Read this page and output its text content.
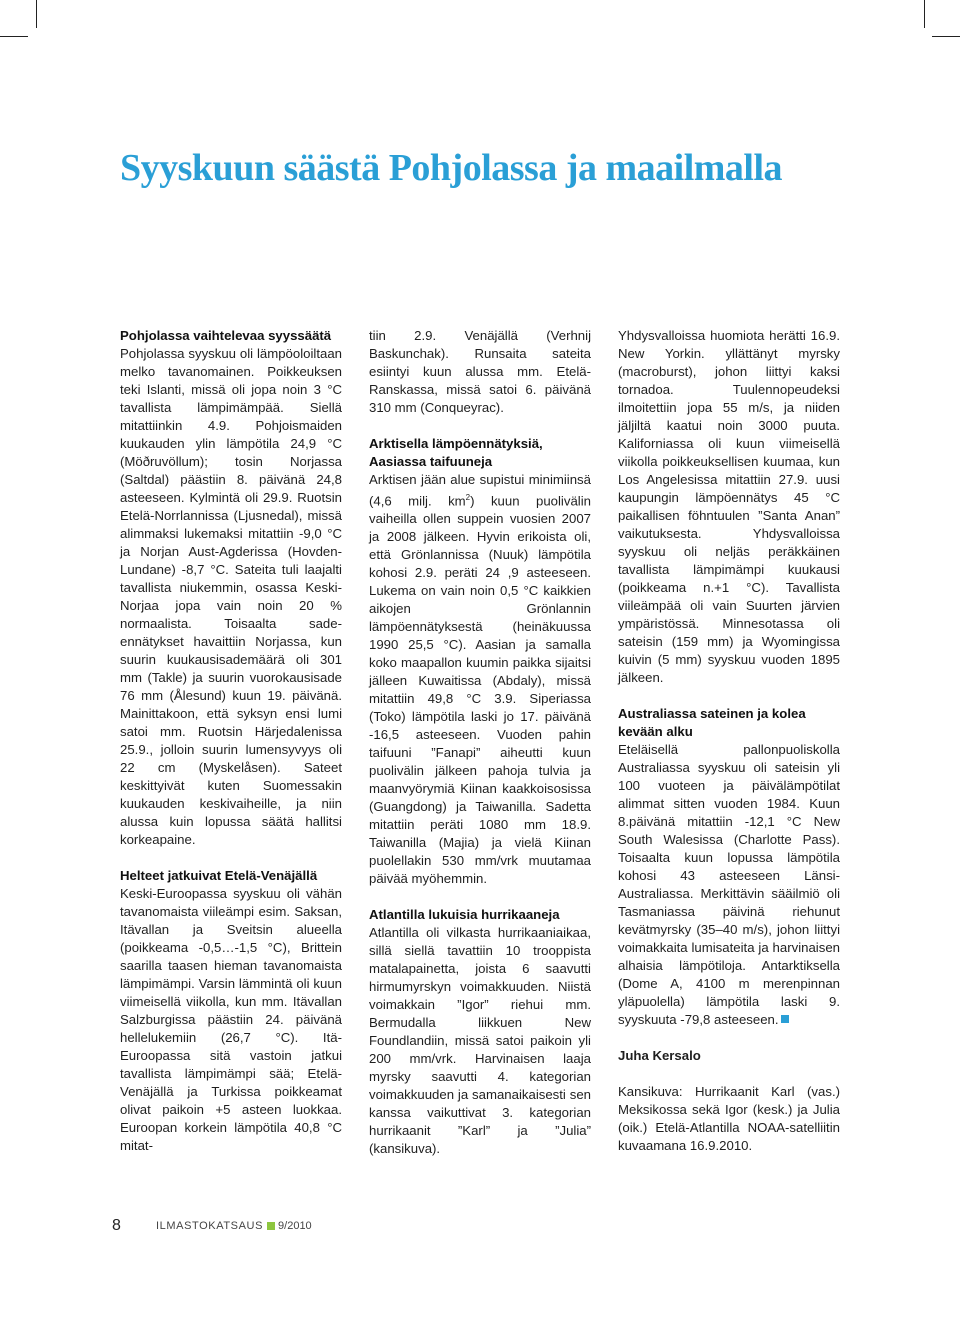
Syyskuun säästä Pohjolassa ja maailmalla
Pohjolassa vaihtelevaa syyssäätä

Pohjolassa syyskuu oli lämpöoloiltaan melko tavanomainen. Poikkeuksen teki Islanti, missä oli jopa noin 3 °C tavallista lämpimämpää. Siellä mitattiinkin 4.9. Pohjoismaiden kuukauden ylin lämpötila 24,9 °C (Möðruvöllum); tosin Norjassa (Saltdal) päästiin 8. päivänä 24,8 asteeseen. Kylmintä oli 29.9. Ruotsin Etelä-Norrlannissa (Ljusnedal), missä alimmaksi lukemaksi mitattiin -9,0 °C ja Norjan Aust-Agderissa (Hovden-Lundane) -8,7 °C. Sateita tuli laajalti tavallista niukemmin, osassa Keski-Norjaa jopa vain noin 20 % normaalista. Toisaalta sade-ennätykset havaittiin Norjassa, kun suurin kuukausisademäärä oli 301 mm (Takle) ja suurin vuorokausisade 76 mm (Ålesund) kuun 19. päivänä. Mainittakoon, että syksyn ensi lumi satoi mm. Ruotsin Härjedalenissa 25.9., jolloin suurin lumensyvyys oli 22 cm (Myskelåsen). Sateet keskittyivät kuten Suomessakin kuukauden keskivaiheille, ja niin alussa kuin lopussa säätä hallitsi korkeapaine.

Helteet jatkuivat Etelä-Venäjällä

Keski-Euroopassa syyskuu oli vähän tavanomaista viileämpi esim. Saksan, Itävallan ja Sveitsin alueella (poikkeama -0,5…-1,5 °C), Brittein saarilla taasen hieman tavanomaista lämpimämpi. Varsin lämmintä oli kuun viimeisellä viikolla, kun mm. Itävallan Salzburgissa päästiin 24. päivänä hellelukemiin (26,7 °C). Itä-Euroopassa sitä vastoin jatkui tavallista lämpimämpi sää; Etelä-Venäjällä ja Turkissa poikkeamat olivat paikoin +5 asteen luokkaa. Euroopan korkein lämpötila 40,8 °C mitat-

tiin 2.9. Venäjällä (Verhnij Baskunchak). Runsaita sateita esiintyi kuun alussa mm. Etelä-Ranskassa, missä satoi 6. päivänä 310 mm (Conqueyrac).

Arktisella lämpöennätyksiä, Aasiassa taifuuneja

Arktisen jään alue supistui minimiinsä (4,6 milj. $km^2$) kuun puolivälin vaiheilla ollen suppein vuosien 2007 ja 2008 jälkeen. Hyvin erikoista oli, että Grönlannissa (Nuuk) lämpötila kohosi 2.9. peräti 24 ,9 asteeseen. Lukema on vain noin 0,5 °C kaikkien aikojen Grönlannin lämpöennätyksestä (heinäkuussa 1990 25,5 °C). Aasian ja samalla koko maapallon kuumin paikka sijaitsi jälleen Kuwaitissa (Abdaly), missä mitattiin 49,8 °C 3.9. Siperiassa (Toko) lämpötila laski jo 17. päivänä -16,5 asteeseen. Vuoden pahin taifuuni ”Fanapi” aiheutti kuun puolivälin jälkeen pahoja tulvia ja maanvyörymiä Kiinan kaakkoisosissa (Guangdong) ja Taiwanilla. Sadetta mitattiin peräti 1080 mm 18.9. Taiwanilla (Majia) ja vielä Kiinan puolellakin 530 mm/vrk muutamaa päivää myöhemmin.

Atlantilla lukuisia hurrikaaneja

Atlantilla oli vilkasta hurrikaaniaikaa, sillä siellä tavattiin 10 trooppista matalapainetta, joista 6 saavutti hirmumyrskyn voimakkuuden. Niistä voimakkain ”Igor” riehui mm. Bermudalla liikkuen New Foundlandiin, missä satoi paikoin yli 200 mm/vrk. Harvinaisen laaja myrsky saavutti 4. kategorian voimakkuuden ja samanaikaisesti sen kanssa vaikuttivat 3. kategorian hurrikaanit ”Karl” ja ”Julia” (kansikuva).

Yhdysvalloissa huomiota herätti 16.9. New Yorkin. yllättänyt myrsky (macroburst), johon liittyi kaksi tornadoa. Tuulennopeudeksi ilmoitettiin jopa 55 m/s, ja niiden jäljiltä kaatui noin 3000 puuta. Kaliforniassa oli kuun viimeisellä viikolla poikkeuksellisen kuumaa, kun Los Angelesissa mitattiin 27.9. uusi kaupungin lämpöennätys 45 °C paikallisen föhntuulen ”Santa Anan” vaikutuksesta. Yhdysvalloissa syyskuu oli neljäs peräkkäinen tavallista lämpimämpi kuukausi (poikkeama n.+1 °C). Tavallista viileämpää oli vain Suurten järvien ympäristössä. Minnesotassa oli sateisin (159 mm) ja Wyomingissa kuivin (5 mm) syyskuu vuoden 1895 jälkeen.

Australiassa sateinen ja kolea kevään alku

Eteläisellä pallonpuoliskolla Australiassa syyskuu oli sateisin yli 100 vuoteen ja päivälämpötilat alimmat sitten vuoden 1984. Kuun 8.päivänä mitattiin -12,1 °C New South Walesissa (Charlotte Pass). Toisaalta kuun lopussa lämpötila kohosi 43 asteeseen Länsi-Australiassa. Merkittävin sääilmiö oli Tasmaniassa päivinä riehunut kevätmyrsky (35–40 m/s), johon liittyi voimakkaita lumisateita ja harvinaisen alhaisia lämpötiloja. Antarktiksella (Dome A, 4100 m merenpinnan yläpuolella) lämpötila laski 9. syyskuuta -79,8 asteeseen.

Juha Kersalo

Kansikuva: Hurrikaanit Karl (vas.) Meksikossa sekä Igor (kesk.) ja Julia (oik.) Etelä-Atlantilla NOAA-satelliitin kuvaamana 16.9.2010.

8	ILMASTOKATSAUS 9/2010
